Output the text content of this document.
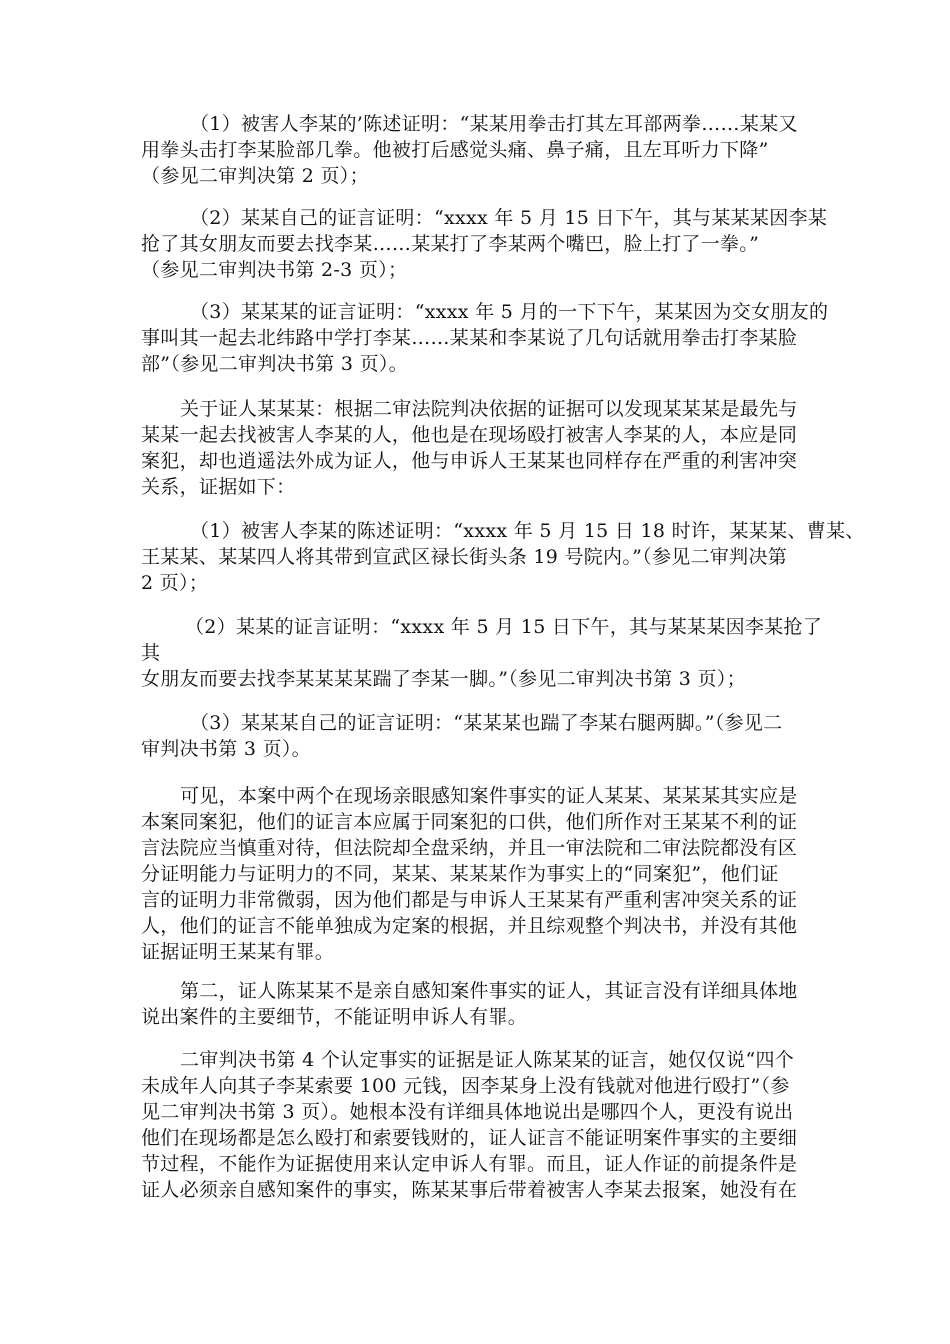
（1）被害人李某的’陈述证明：“某某用拳击打其左耳部两拳……某某又
用拳头击打李某脸部几拳。他被打后感觉头痛、鼻子痛，且左耳听力下降”
（参见二审判决第 2 页）；
（2）某某自己的证言证明：“xxxx 年 5 月 15 日下午，其与某某某因李某
抢了其女朋友而要去找李某……某某打了李某两个嘴巴，脸上打了一拳。”
（参见二审判决书第 2-3 页）；
（3）某某某的证言证明：“xxxx 年 5 月的一下下午，某某因为交女朋友的
事叫其一起去北纬路中学打李某……某某和李某说了几句话就用拳击打李某脸
部”（参见二审判决书第 3 页）。
关于证人某某某：根据二审法院判决依据的证据可以发现某某某是最先与
某某一起去找被害人李某的人，他也是在现场殴打被害人李某的人，本应是同
案犯，却也逍遥法外成为证人，他与申诉人王某某也同样存在严重的利害冲突
关系，证据如下：
（1）被害人李某的陈述证明：“xxxx 年 5 月 15 日 18 时许，某某某、曹某、
王某某、某某四人将其带到宣武区禄长街头条 19 号院内。”（参见二审判决第
2 页）；
（2）某某的证言证明：“xxxx 年 5 月 15 日下午，其与某某某因李某抢了
其
女朋友而要去找李某某某某踹了李某一脚。”（参见二审判决书第 3 页）；
（3）某某某自己的证言证明：“某某某也踹了李某右腿两脚。”（参见二
审判决书第 3 页）。
可见，本案中两个在现场亲眼感知案件事实的证人某某、某某某其实应是
本案同案犯，他们的证言本应属于同案犯的口供，他们所作对王某某不利的证
言法院应当慎重对待，但法院却全盘采纳，并且一审法院和二审法院都没有区
分证明能力与证明力的不同，某某、某某某作为事实上的“同案犯”，他们证
言的证明力非常微弱，因为他们都是与申诉人王某某有严重利害冲突关系的证
人，他们的证言不能单独成为定案的根据，并且综观整个判决书，并没有其他
证据证明王某某有罪。
第二，证人陈某某不是亲自感知案件事实的证人，其证言没有详细具体地
说出案件的主要细节，不能证明申诉人有罪。
二审判决书第 4 个认定事实的证据是证人陈某某的证言，她仅仅说“四个
未成年人向其子李某索要 100 元钱，因李某身上没有钱就对他进行殴打”（参
见二审判决书第 3 页）。她根本没有详细具体地说出是哪四个人，更没有说出
他们在现场都是怎么殴打和索要钱财的，证人证言不能证明案件事实的主要细
节过程，不能作为证据使用来认定申诉人有罪。而且，证人作证的前提条件是
证人必须亲自感知案件的事实，陈某某事后带着被害人李某去报案，她没有在
